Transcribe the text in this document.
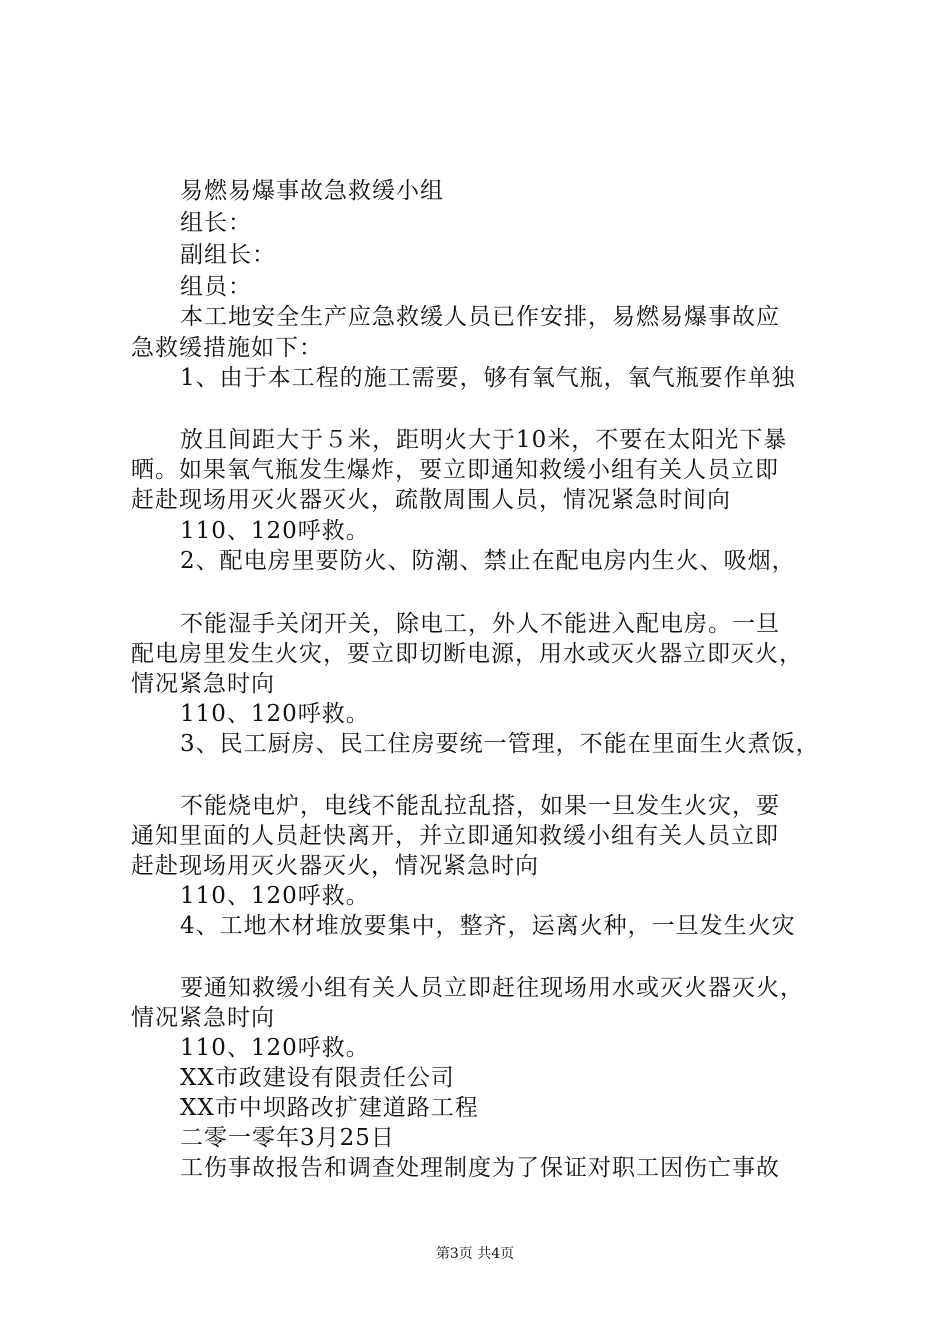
易燃易爆事故急救缓小组
组长：
副组长：
组员：
本工地安全生产应急救缓人员已作安排，易燃易爆事故应
急救缓措施如下：
1、由于本工程的施工需要，够有氧气瓶，氧气瓶要作单独
放且间距大于５米，距明火大于10米，不要在太阳光下暴
晒。如果氧气瓶发生爆炸，要立即通知救缓小组有关人员立即
赶赴现场用灭火器灭火，疏散周围人员，情况紧急时间向
110、120呼救。
2、配电房里要防火、防潮、禁止在配电房内生火、吸烟，
不能湿手关闭开关，除电工，外人不能进入配电房。一旦
配电房里发生火灾，要立即切断电源，用水或灭火器立即灭火，
情况紧急时向
110、120呼救。
3、民工厨房、民工住房要统一管理，不能在里面生火煮饭，
不能烧电炉，电线不能乱拉乱搭，如果一旦发生火灾，要
通知里面的人员赶快离开，并立即通知救缓小组有关人员立即
赶赴现场用灭火器灭火，情况紧急时向
110、120呼救。
4、工地木材堆放要集中，整齐，运离火种，一旦发生火灾
要通知救缓小组有关人员立即赶往现场用水或灭火器灭火，
情况紧急时向
110、120呼救。
XX市政建设有限责任公司
XX市中坝路改扩建道路工程
二零一零年3月25日
工伤事故报告和调查处理制度为了保证对职工因伤亡事故
第3页 共4页
